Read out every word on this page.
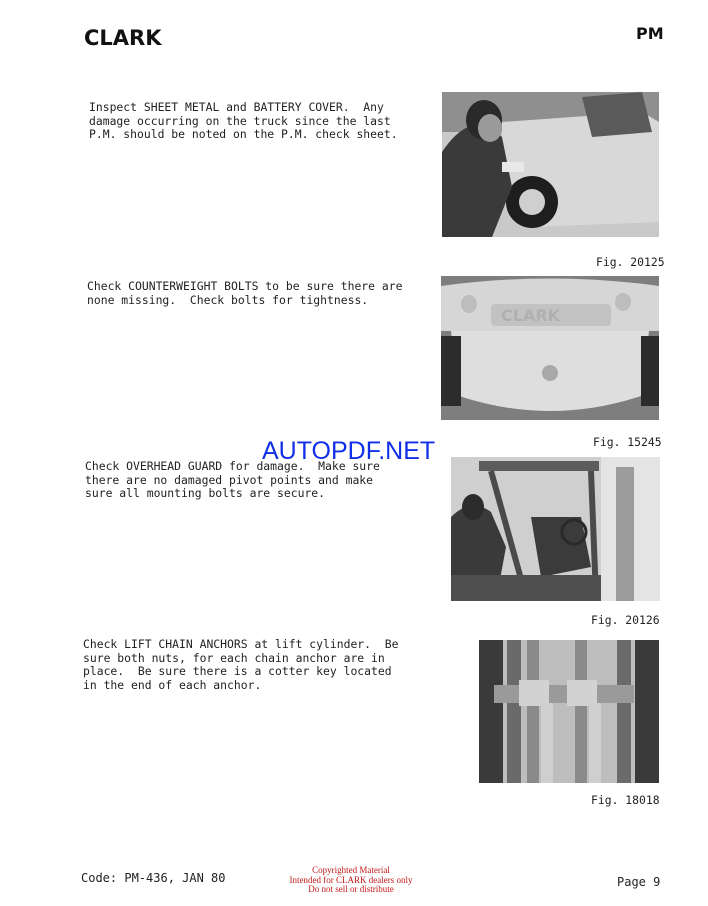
CLARK	PM
Inspect SHEET METAL and BATTERY COVER.  Any
damage occurring on the truck since the last
P.M. should be noted on the P.M. check sheet.
Fig. 20125
Check COUNTERWEIGHT BOLTS to be sure there are
none missing.  Check bolts for tightness.
CLARK
Fig. 15245
AUTOPDF.NET
Check OVERHEAD GUARD for damage.  Make sure
there are no damaged pivot points and make
sure all mounting bolts are secure.
Fig. 20126
Check LIFT CHAIN ANCHORS at lift cylinder.  Be
sure both nuts, for each chain anchor are in
place.  Be sure there is a cotter key located
in the end of each anchor.
Fig. 18018
Code: PM-436, JAN 80
Copyrighted Material
Intended for CLARK dealers only
Do not sell or distribute	Page 9
